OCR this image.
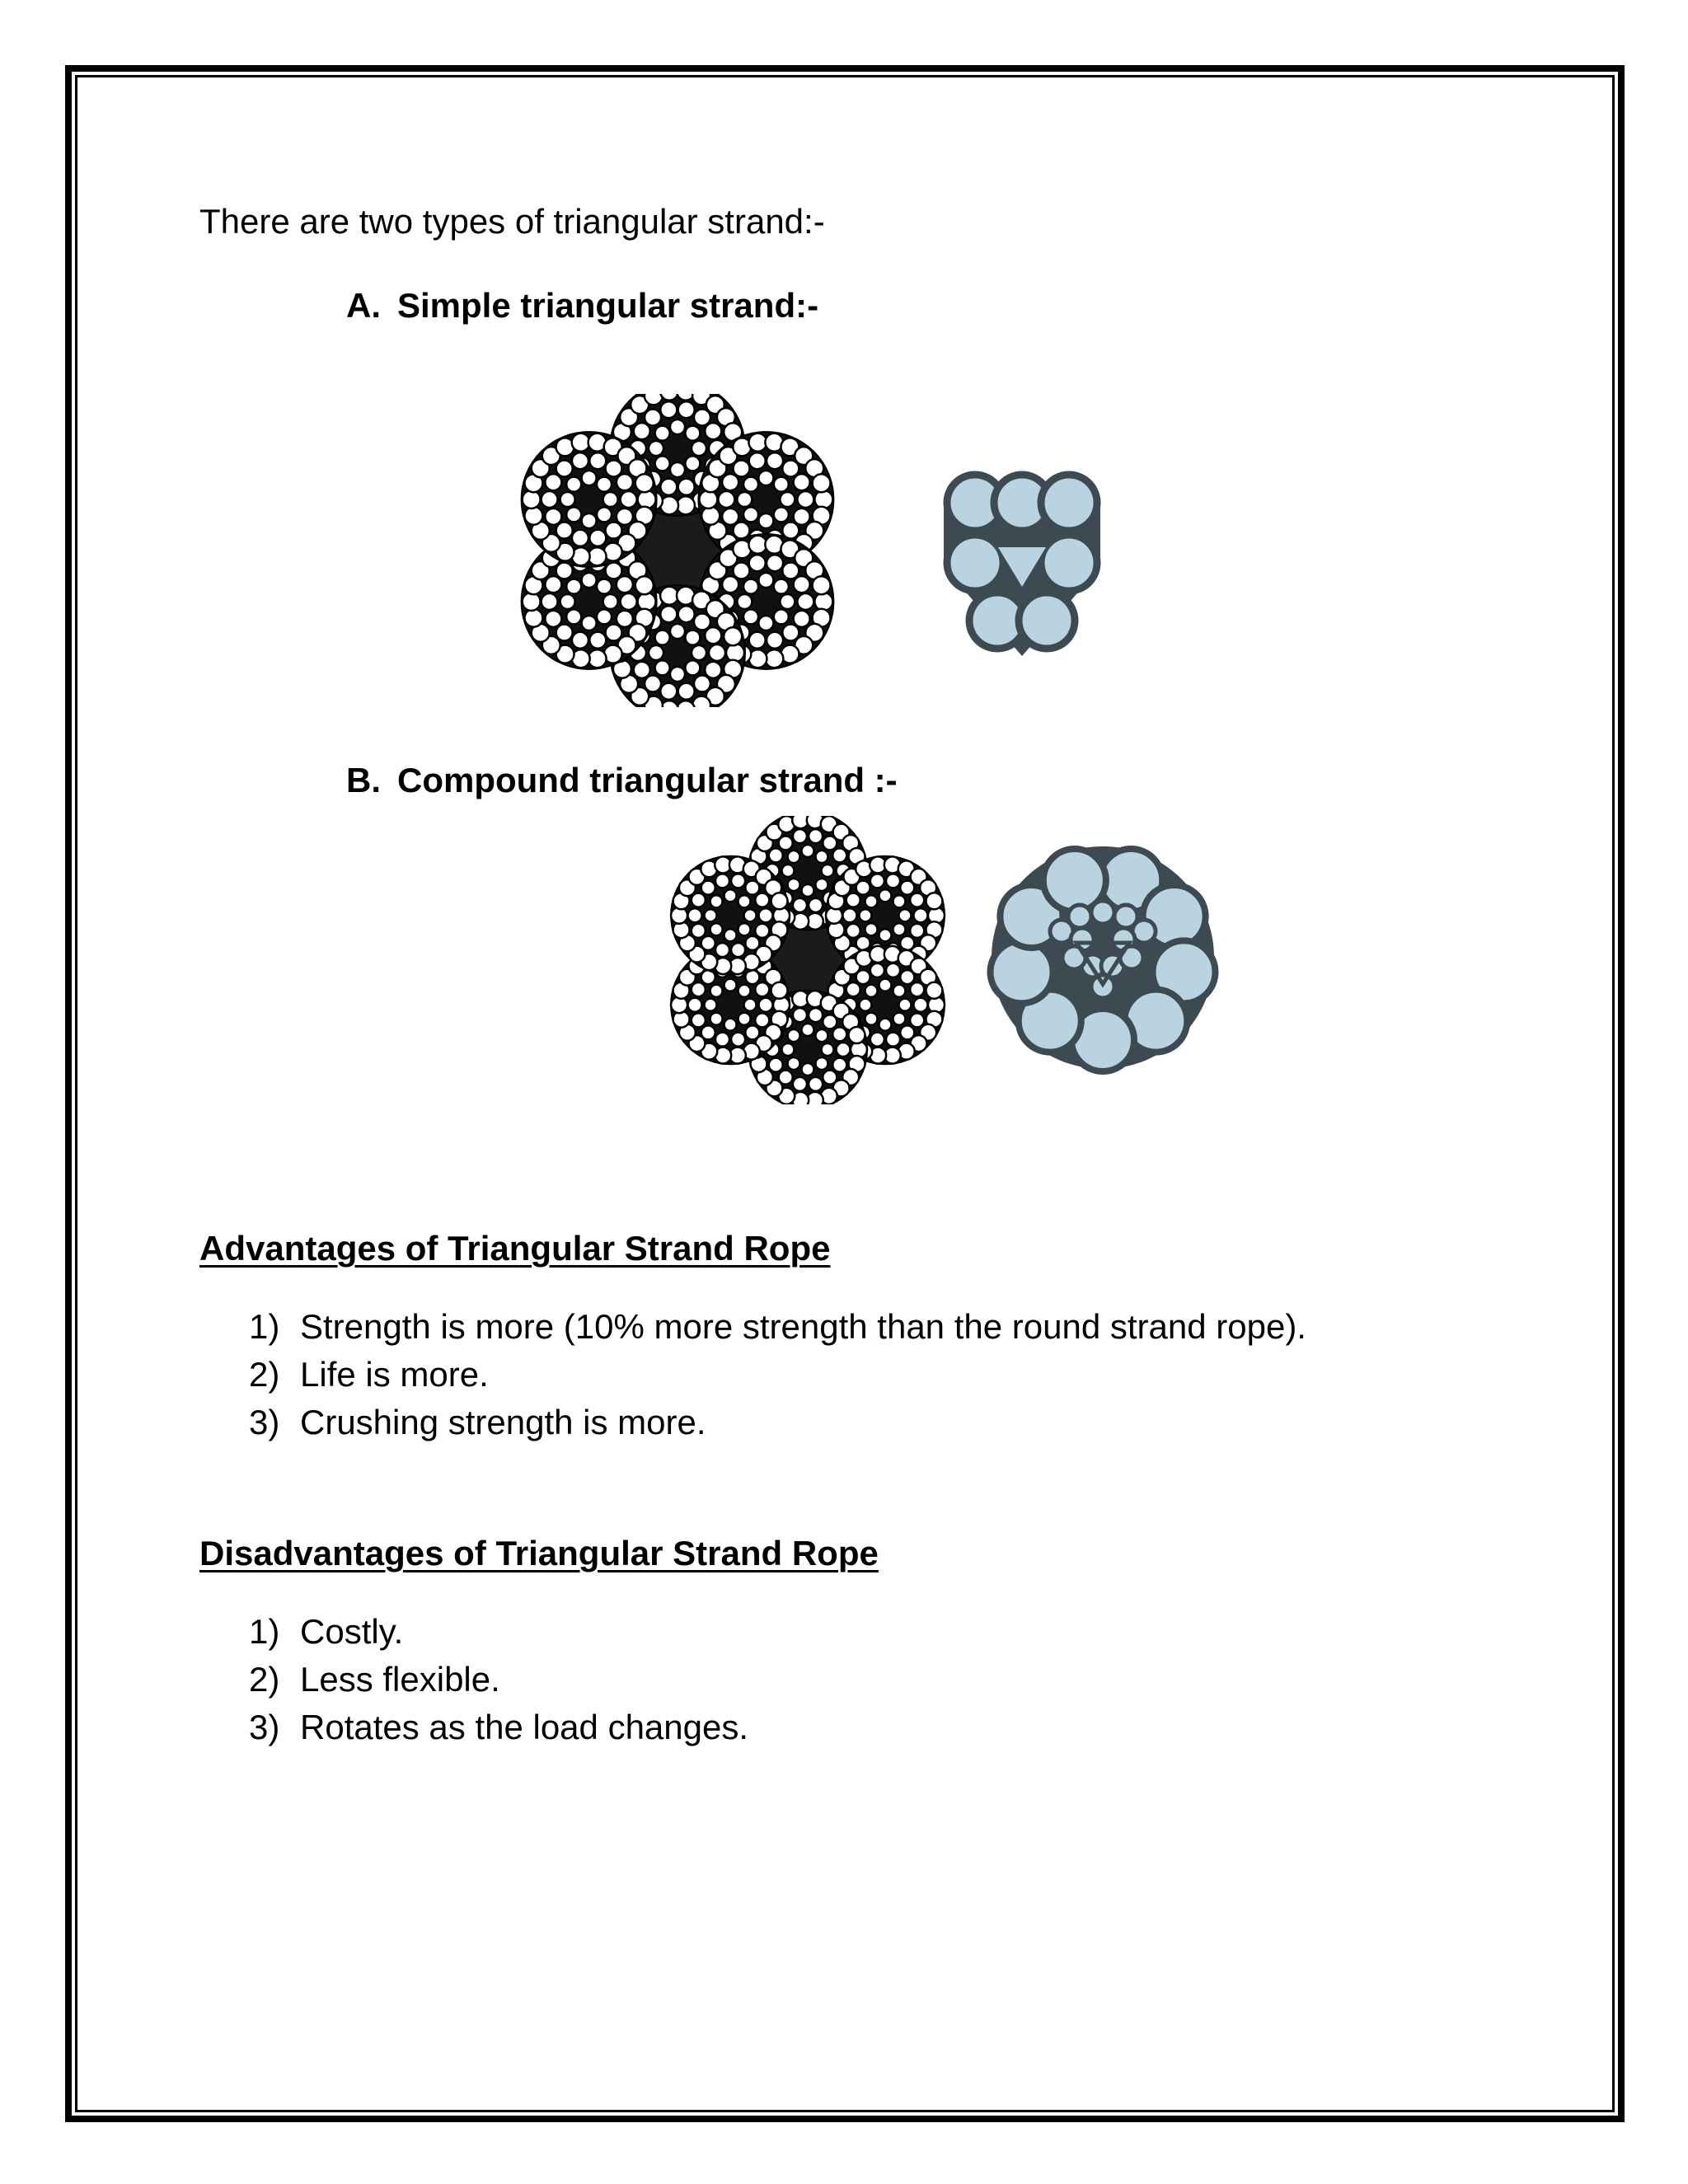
There are two types of triangular strand:-
A. Simple triangular strand:-
B. Compound triangular strand :-
Advantages of Triangular Strand Rope
1) Strength is more (10% more strength than the round strand rope).
2) Life is more.
3) Crushing strength is more.
Disadvantages of Triangular Strand Rope
1) Costly.
2) Less flexible.
3) Rotates as the load changes.
